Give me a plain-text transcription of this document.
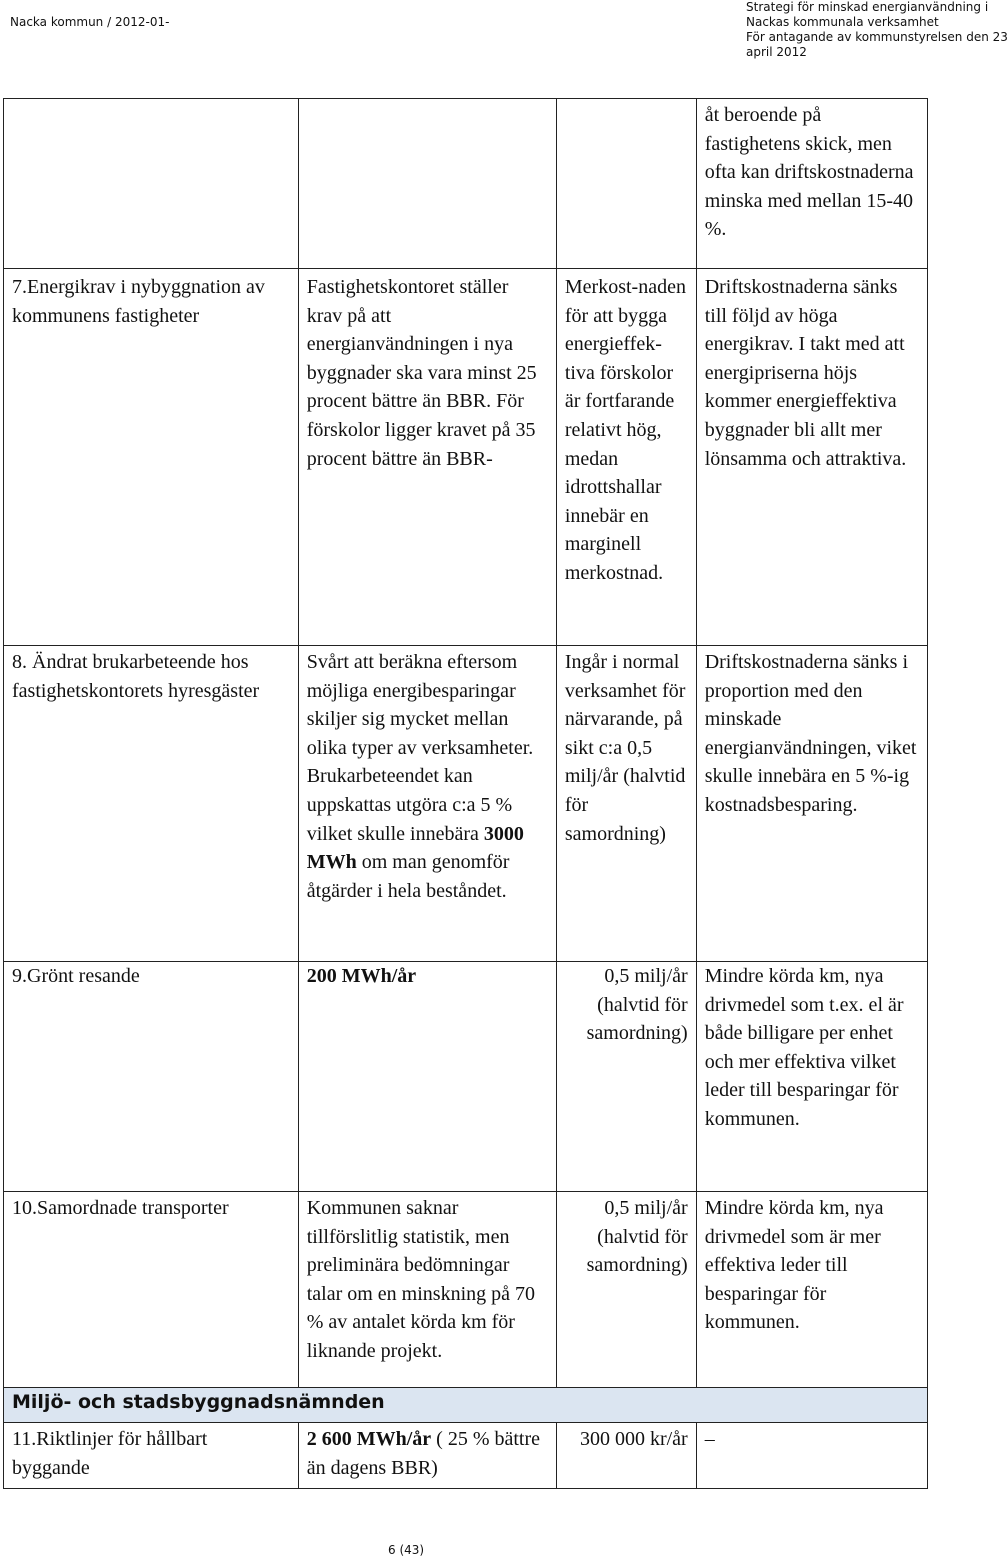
Nacka kommun / 2012-01-
Strategi för minskad energianvändning i
Nackas kommunala verksamhet
För antagande av kommunstyrelsen den 23
april 2012
			åt beroende på fastighetens skick, men ofta kan driftskostnaderna minska med mellan 15-40 %.
7.Energikrav i nybyggnation av kommunens fastigheter	Fastighetskontoret ställer krav på att energianvändningen i nya byggnader ska vara minst 25 procent bättre än BBR. För förskolor ligger kravet på 35 procent bättre än BBR-	Merkost-naden för att bygga energieffek-tiva förskolor är fortfarande relativt hög, medan idrottshallar innebär en marginell merkostnad.	Driftskostnaderna sänks till följd av höga energikrav. I takt med att energipriserna höjs kommer energieffektiva byggnader bli allt mer lönsamma och attraktiva.
8. Ändrat brukarbeteende hos fastighetskontorets hyresgäster	Svårt att beräkna eftersom möjliga energibesparingar skiljer sig mycket mellan olika typer av verksamheter. Brukarbeteendet kan uppskattas utgöra c:a 5 % vilket skulle innebära 3000 MWh om man genomför åtgärder i hela beståndet.	Ingår i normal verksamhet för närvarande, på sikt c:a 0,5 milj/år (halvtid för samordning)	Driftskostnaderna sänks i proportion med den minskade energianvändningen, viket skulle innebära en 5 %-ig kostnadsbesparing.
9.Grönt resande	200 MWh/år	0,5 milj/år (halvtid för samordning)	Mindre körda km, nya drivmedel som t.ex. el är både billigare per enhet och mer effektiva vilket leder till besparingar för kommunen.
10.Samordnade transporter	Kommunen saknar tillförslitlig statistik, men preliminära bedömningar talar om en minskning på 70 % av antalet körda km för liknande projekt.	0,5 milj/år (halvtid för samordning)	Mindre körda km, nya drivmedel som är mer effektiva leder till besparingar för kommunen.
Miljö- och stadsbyggnadsnämnden			
11.Riktlinjer för hållbart byggande	2 600 MWh/år ( 25 % bättre än dagens BBR)	300 000 kr/år	–
6 (43)
